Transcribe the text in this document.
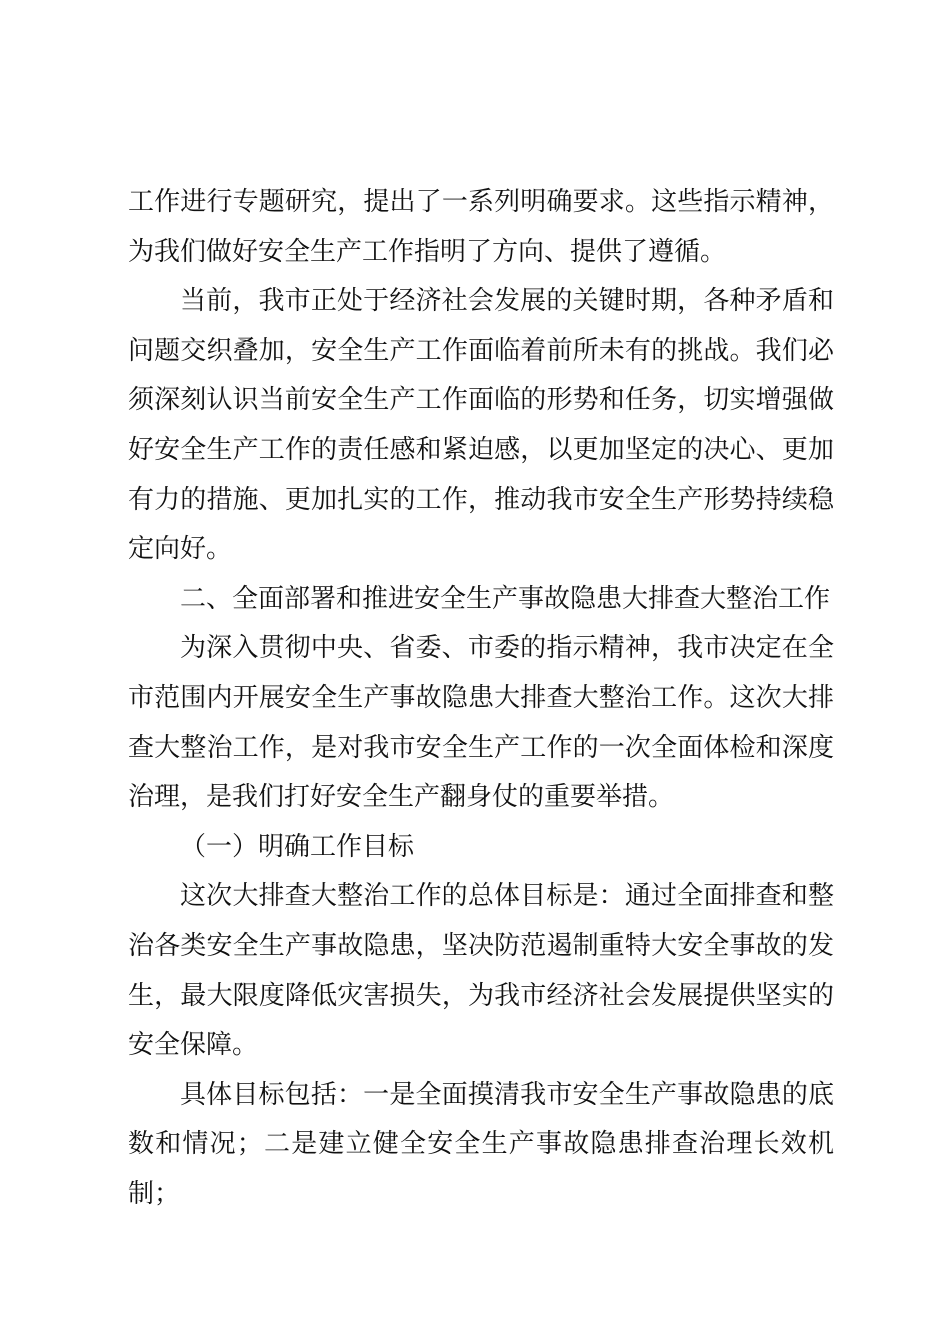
工作进行专题研究，提出了一系列明确要求。这些指示精神，为我们做好安全生产工作指明了方向、提供了遵循。

当前，我市正处于经济社会发展的关键时期，各种矛盾和问题交织叠加，安全生产工作面临着前所未有的挑战。我们必须深刻认识当前安全生产工作面临的形势和任务，切实增强做好安全生产工作的责任感和紧迫感，以更加坚定的决心、更加有力的措施、更加扎实的工作，推动我市安全生产形势持续稳定向好。

二、全面部署和推进安全生产事故隐患大排查大整治工作

为深入贯彻中央、省委、市委的指示精神，我市决定在全市范围内开展安全生产事故隐患大排查大整治工作。这次大排查大整治工作，是对我市安全生产工作的一次全面体检和深度治理，是我们打好安全生产翻身仗的重要举措。

（一）明确工作目标

这次大排查大整治工作的总体目标是：通过全面排查和整治各类安全生产事故隐患，坚决防范遏制重特大安全事故的发生，最大限度降低灾害损失，为我市经济社会发展提供坚实的安全保障。

具体目标包括：一是全面摸清我市安全生产事故隐患的底数和情况；二是建立健全安全生产事故隐患排查治理长效机制；
